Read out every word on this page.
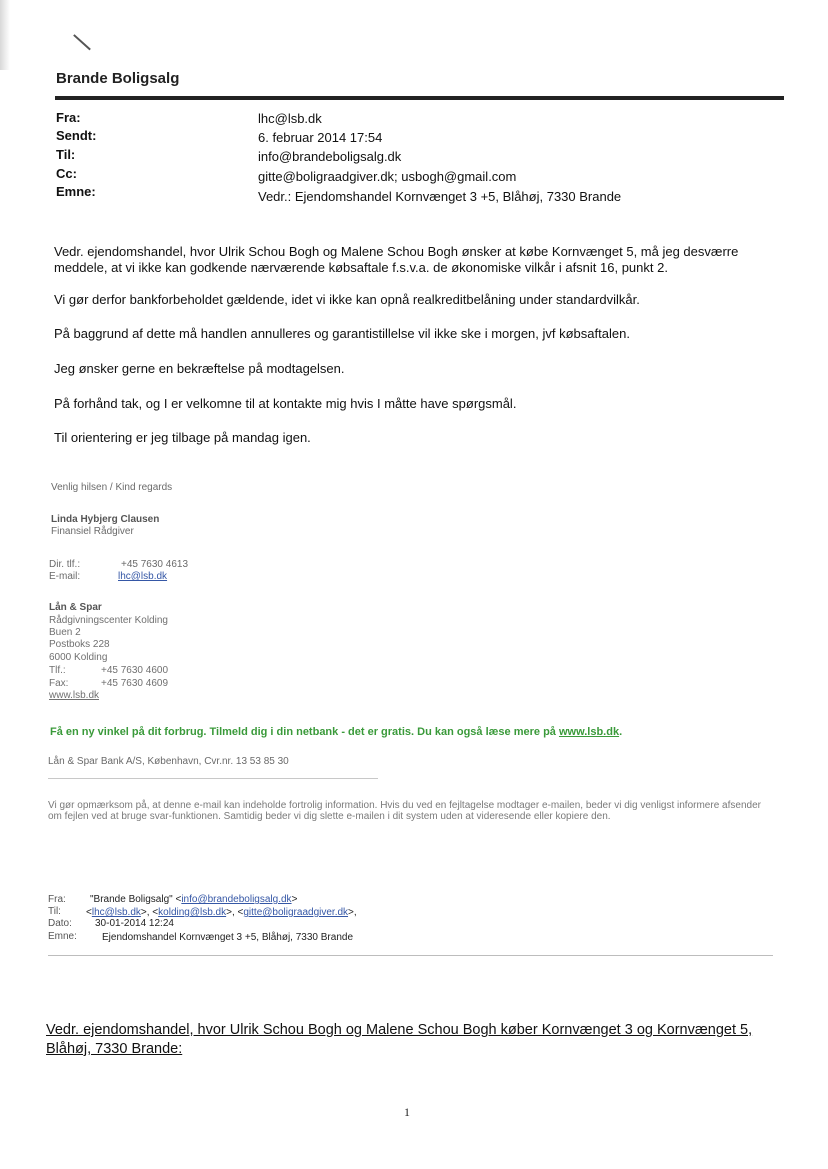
Brande Boligsalg
Fra:	lhc@lsb.dk
Sendt:	6. februar 2014 17:54
Til:	info@brandeboligsalg.dk
Cc:	gitte@boligraadgiver.dk; usbogh@gmail.com
Emne:	Vedr.: Ejendomshandel Kornvænget 3 +5, Blåhøj, 7330 Brande
Vedr. ejendomshandel, hvor Ulrik Schou Bogh og Malene Schou Bogh ønsker at købe Kornvænget 5, må jeg desværre meddele, at vi ikke kan godkende nærværende købsaftale f.s.v.a. de økonomiske vilkår i afsnit 16, punkt 2.
Vi gør derfor bankforbeholdet gældende, idet vi ikke kan opnå realkreditbelåning under standardvilkår.
På baggrund af dette må handlen annulleres og garantistillelse vil ikke ske i morgen, jvf købsaftalen.
Jeg ønsker gerne en bekræftelse på modtagelsen.
På forhånd tak, og I er velkomne til at kontakte mig hvis I måtte have spørgsmål.
Til orientering er jeg tilbage på mandag igen.
Venlig hilsen / Kind regards
Linda Hybjerg Clausen
Finansiel Rådgiver
Dir. tlf.:	+45 7630 4613
E-mail:	lhc@lsb.dk
Lån & Spar
Rådgivningscenter Kolding
Buen 2
Postboks 228
6000 Kolding
Tlf.:	+45 7630 4600
Fax:	+45 7630 4609
www.lsb.dk
Få en ny vinkel på dit forbrug. Tilmeld dig i din netbank - det er gratis. Du kan også læse mere på www.lsb.dk.
Lån & Spar Bank A/S, København, Cvr.nr. 13 53 85 30
Vi gør opmærksom på, at denne e-mail kan indeholde fortrolig information. Hvis du ved en fejltagelse modtager e-mailen, beder vi dig venligst informere afsender om fejlen ved at bruge svar-funktionen. Samtidig beder vi dig slette e-mailen i dit system uden at videresende eller kopiere den.
Fra: "Brande Boligsalg" <info@brandeboligsalg.dk>
Til:	<lhc@lsb.dk>, <kolding@lsb.dk>, <gitte@boligraadgiver.dk>,
Dato: 30-01-2014 12:24
Emne:	Ejendomshandel Kornvænget 3 +5, Blåhøj, 7330 Brande
Vedr. ejendomshandel, hvor Ulrik Schou Bogh og Malene Schou Bogh køber Kornvænget 3 og Kornvænget 5, Blåhøj, 7330 Brande:
1
